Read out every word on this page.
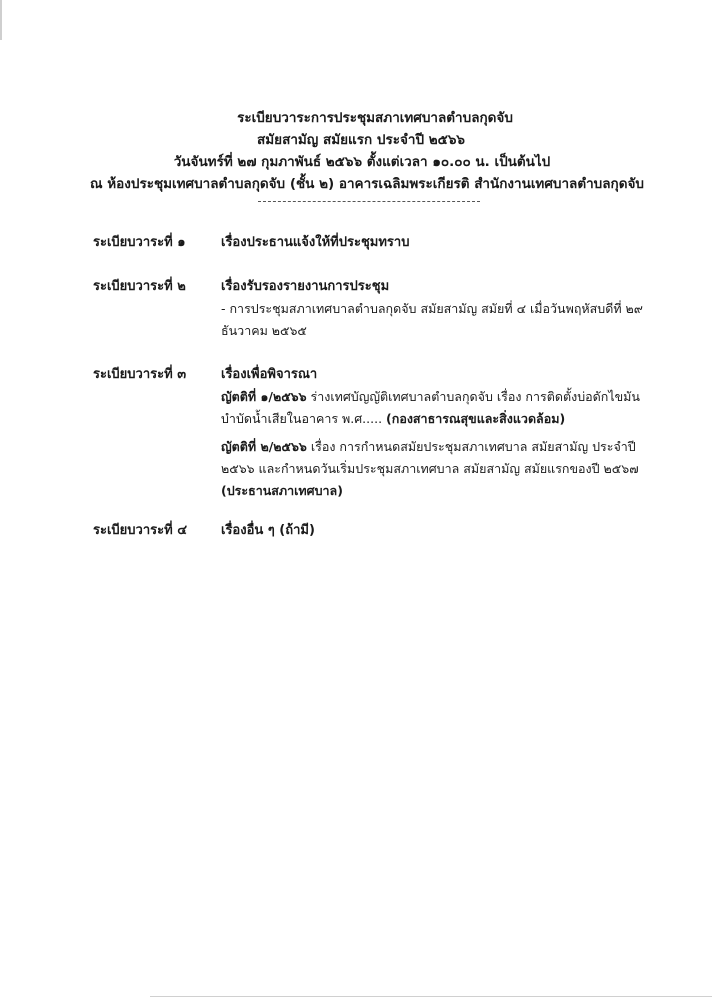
ระเบียบวาระการประชุมสภาเทศบาลตำบลกุดจับ
สมัยสามัญ สมัยแรก ประจำปี ๒๕๖๖
วันจันทร์ที่ ๒๗ กุมภาพันธ์ ๒๕๖๖ ตั้งแต่เวลา ๑๐.๐๐ น. เป็นต้นไป
ณ ห้องประชุมเทศบาลตำบลกุดจับ (ชั้น ๒) อาคารเฉลิมพระเกียรติ สำนักงานเทศบาลตำบลกุดจับ
ระเบียบวาระที่ ๑	เรื่องประธานแจ้งให้ที่ประชุมทราบ

ระเบียบวาระที่ ๒	เรื่องรับรองรายงานการประชุม

- การประชุมสภาเทศบาลตำบลกุดจับ สมัยสามัญ สมัยที่ ๔ เมื่อวันพฤหัสบดีที่ ๒๙ ธันวาคม ๒๕๖๕

ระเบียบวาระที่ ๓	เรื่องเพื่อพิจารณา

ญัตติที่ ๑/๒๕๖๖ ร่างเทศบัญญัติเทศบาลตำบลกุดจับ เรื่อง การติดตั้งบ่อดักไขมันบำบัดน้ำเสียในอาคาร พ.ศ..... (กองสาธารณสุขและสิ่งแวดล้อม)

ญัตติที่ ๒/๒๕๖๖ เรื่อง การกำหนดสมัยประชุมสภาเทศบาล สมัยสามัญ ประจำปี ๒๕๖๖ และกำหนดวันเริ่มประชุมสภาเทศบาล สมัยสามัญ สมัยแรกของปี ๒๕๖๗ (ประธานสภาเทศบาล)

ระเบียบวาระที่ ๔	เรื่องอื่น ๆ (ถ้ามี)
